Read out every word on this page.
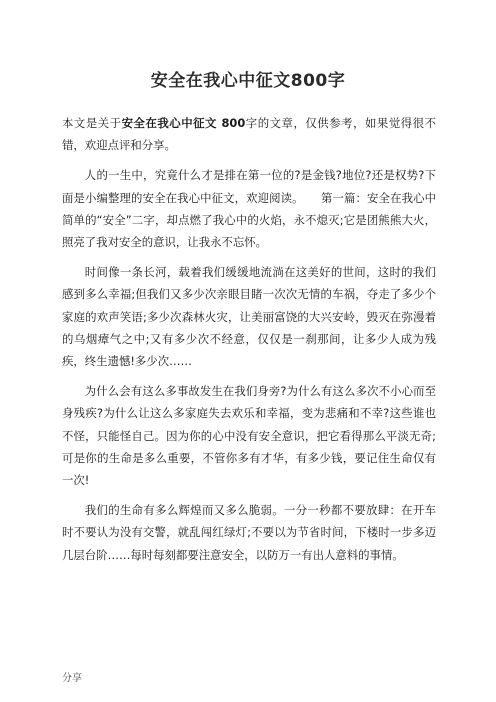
安全在我心中征文800字

本文是关于安全在我心中征文 800字的文章，仅供参考，如果觉得很不错，欢迎点评和分享。

人的一生中，究竟什么才是排在第一位的?是金钱?地位?还是权势?下面是小编整理的安全在我心中征文，欢迎阅读。　　第一篇：安全在我心中　　简单的“安全”二字，却点燃了我心中的火焰，永不熄灭;它是团熊熊大火，照亮了我对安全的意识，让我永不忘怀。

时间像一条长河，载着我们缓缓地流淌在这美好的世间，这时的我们感到多么幸福;但我们又多少次亲眼目睹一次次无情的车祸，夺走了多少个家庭的欢声笑语;多少次森林火灾，让美丽富饶的大兴安岭，毁灭在弥漫着的乌烟瘴气之中;又有多少次不经意，仅仅是一刹那间，让多少人成为残疾，终生遗憾!多少次……

为什么会有这么多事故发生在我们身旁?为什么有这么多次不小心而至身残疾?为什么让这么多家庭失去欢乐和幸福，变为悲痛和不幸?这些谁也不怪，只能怪自己。因为你的心中没有安全意识，把它看得那么平淡无奇;可是你的生命是多么重要，不管你多有才华，有多少钱，要记住生命仅有一次!

我们的生命有多么辉煌而又多么脆弱。一分一秒都不要放肆：在开车时不要认为没有交警，就乱闯红绿灯;不要以为节省时间，下楼时一步多迈几层台阶……每时每刻都要注意安全，以防万一有出人意料的事情。

分享
